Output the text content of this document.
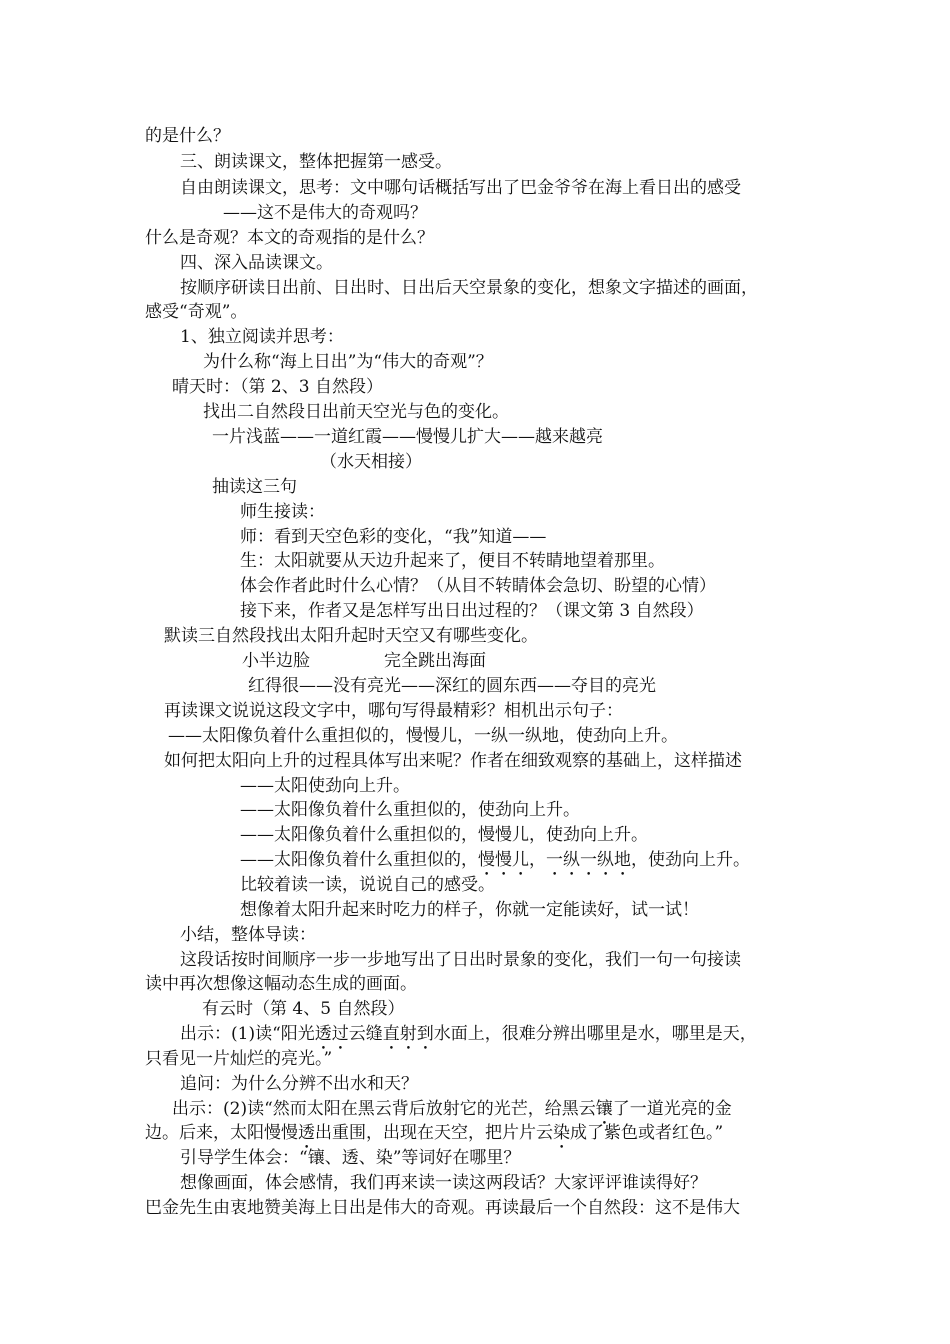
的是什么？
三、朗读课文，整体把握第一感受。
自由朗读课文，思考：文中哪句话概括写出了巴金爷爷在海上看日出的感受
——这不是伟大的奇观吗？
什么是奇观？本文的奇观指的是什么？
四、深入品读课文。
按顺序研读日出前、日出时、日出后天空景象的变化，想象文字描述的画面，
感受“奇观”。
1、独立阅读并思考：
为什么称“海上日出”为“伟大的奇观”？
晴天时：（第 2、3 自然段）
找出二自然段日出前天空光与色的变化。
一片浅蓝——一道红霞——慢慢儿扩大——越来越亮
（水天相接）
抽读这三句
师生接读：
师：看到天空色彩的变化，“我”知道——
生：太阳就要从天边升起来了，便目不转睛地望着那里。
体会作者此时什么心情？（从目不转睛体会急切、盼望的心情）
接下来，作者又是怎样写出日出过程的？（课文第 3 自然段）
默读三自然段找出太阳升起时天空又有哪些变化。
小半边脸	完全跳出海面
红得很——没有亮光——深红的圆东西——夺目的亮光
再读课文说说这段文字中，哪句写得最精彩？相机出示句子：
——太阳像负着什么重担似的，慢慢儿，一纵一纵地，使劲向上升。
如何把太阳向上升的过程具体写出来呢？作者在细致观察的基础上，这样描述
——太阳使劲向上升。
——太阳像负着什么重担似的，使劲向上升。
——太阳像负着什么重担似的，慢慢儿，使劲向上升。
——太阳像负着什么重担似的，慢慢儿，一纵一纵地，使劲向上升。
比较着读一读，说说自己的感受。
想像着太阳升起来时吃力的样子，你就一定能读好，试一试！
小结，整体导读：
这段话按时间顺序一步一步地写出了日出时景象的变化，我们一句一句接读
读中再次想像这幅动态生成的画面。
有云时（第 4、5 自然段）
出示：(1)读“阳光透过云缝直射到水面上，很难分辨出哪里是水，哪里是天，
只看见一片灿烂的亮光。”
追问：为什么分辨不出水和天？
出示：(2)读“然而太阳在黑云背后放射它的光芒，给黑云镶了一道光亮的金
边。后来，太阳慢慢透出重围，出现在天空，把片片云染成了紫色或者红色。”
引导学生体会：“镶、透、染”等词好在哪里？
想像画面，体会感情，我们再来读一读这两段话？大家评评谁读得好？
巴金先生由衷地赞美海上日出是伟大的奇观。再读最后一个自然段：这不是伟大
